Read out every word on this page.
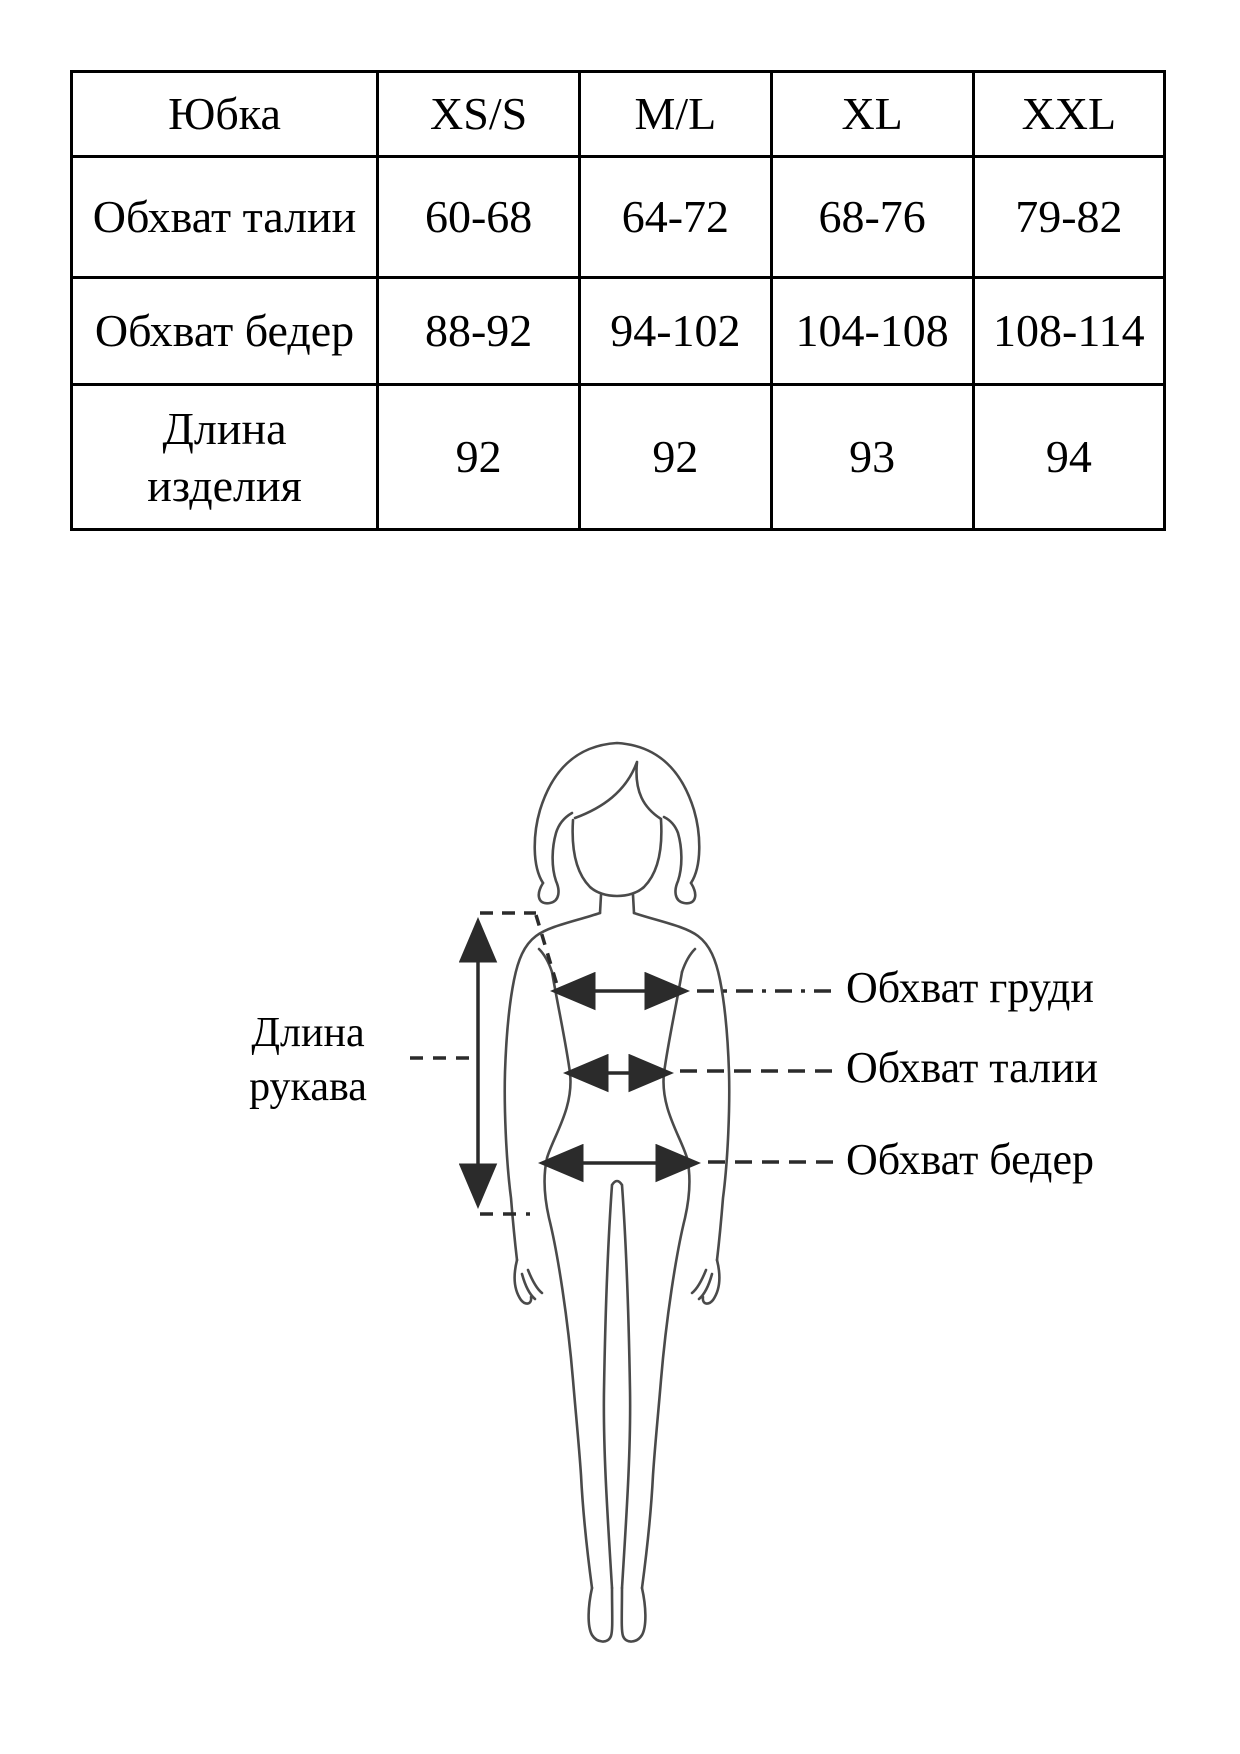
Юбка	XS/S	M/L	XL	XXL
Обхват талии	60-68	64-72	68-76	79-82
Обхват бедер	88-92	94-102	104-108	108-114
Длина изделия	92	92	93	94
Длина рукава
Обхват груди
Обхват талии
Обхват бедер
